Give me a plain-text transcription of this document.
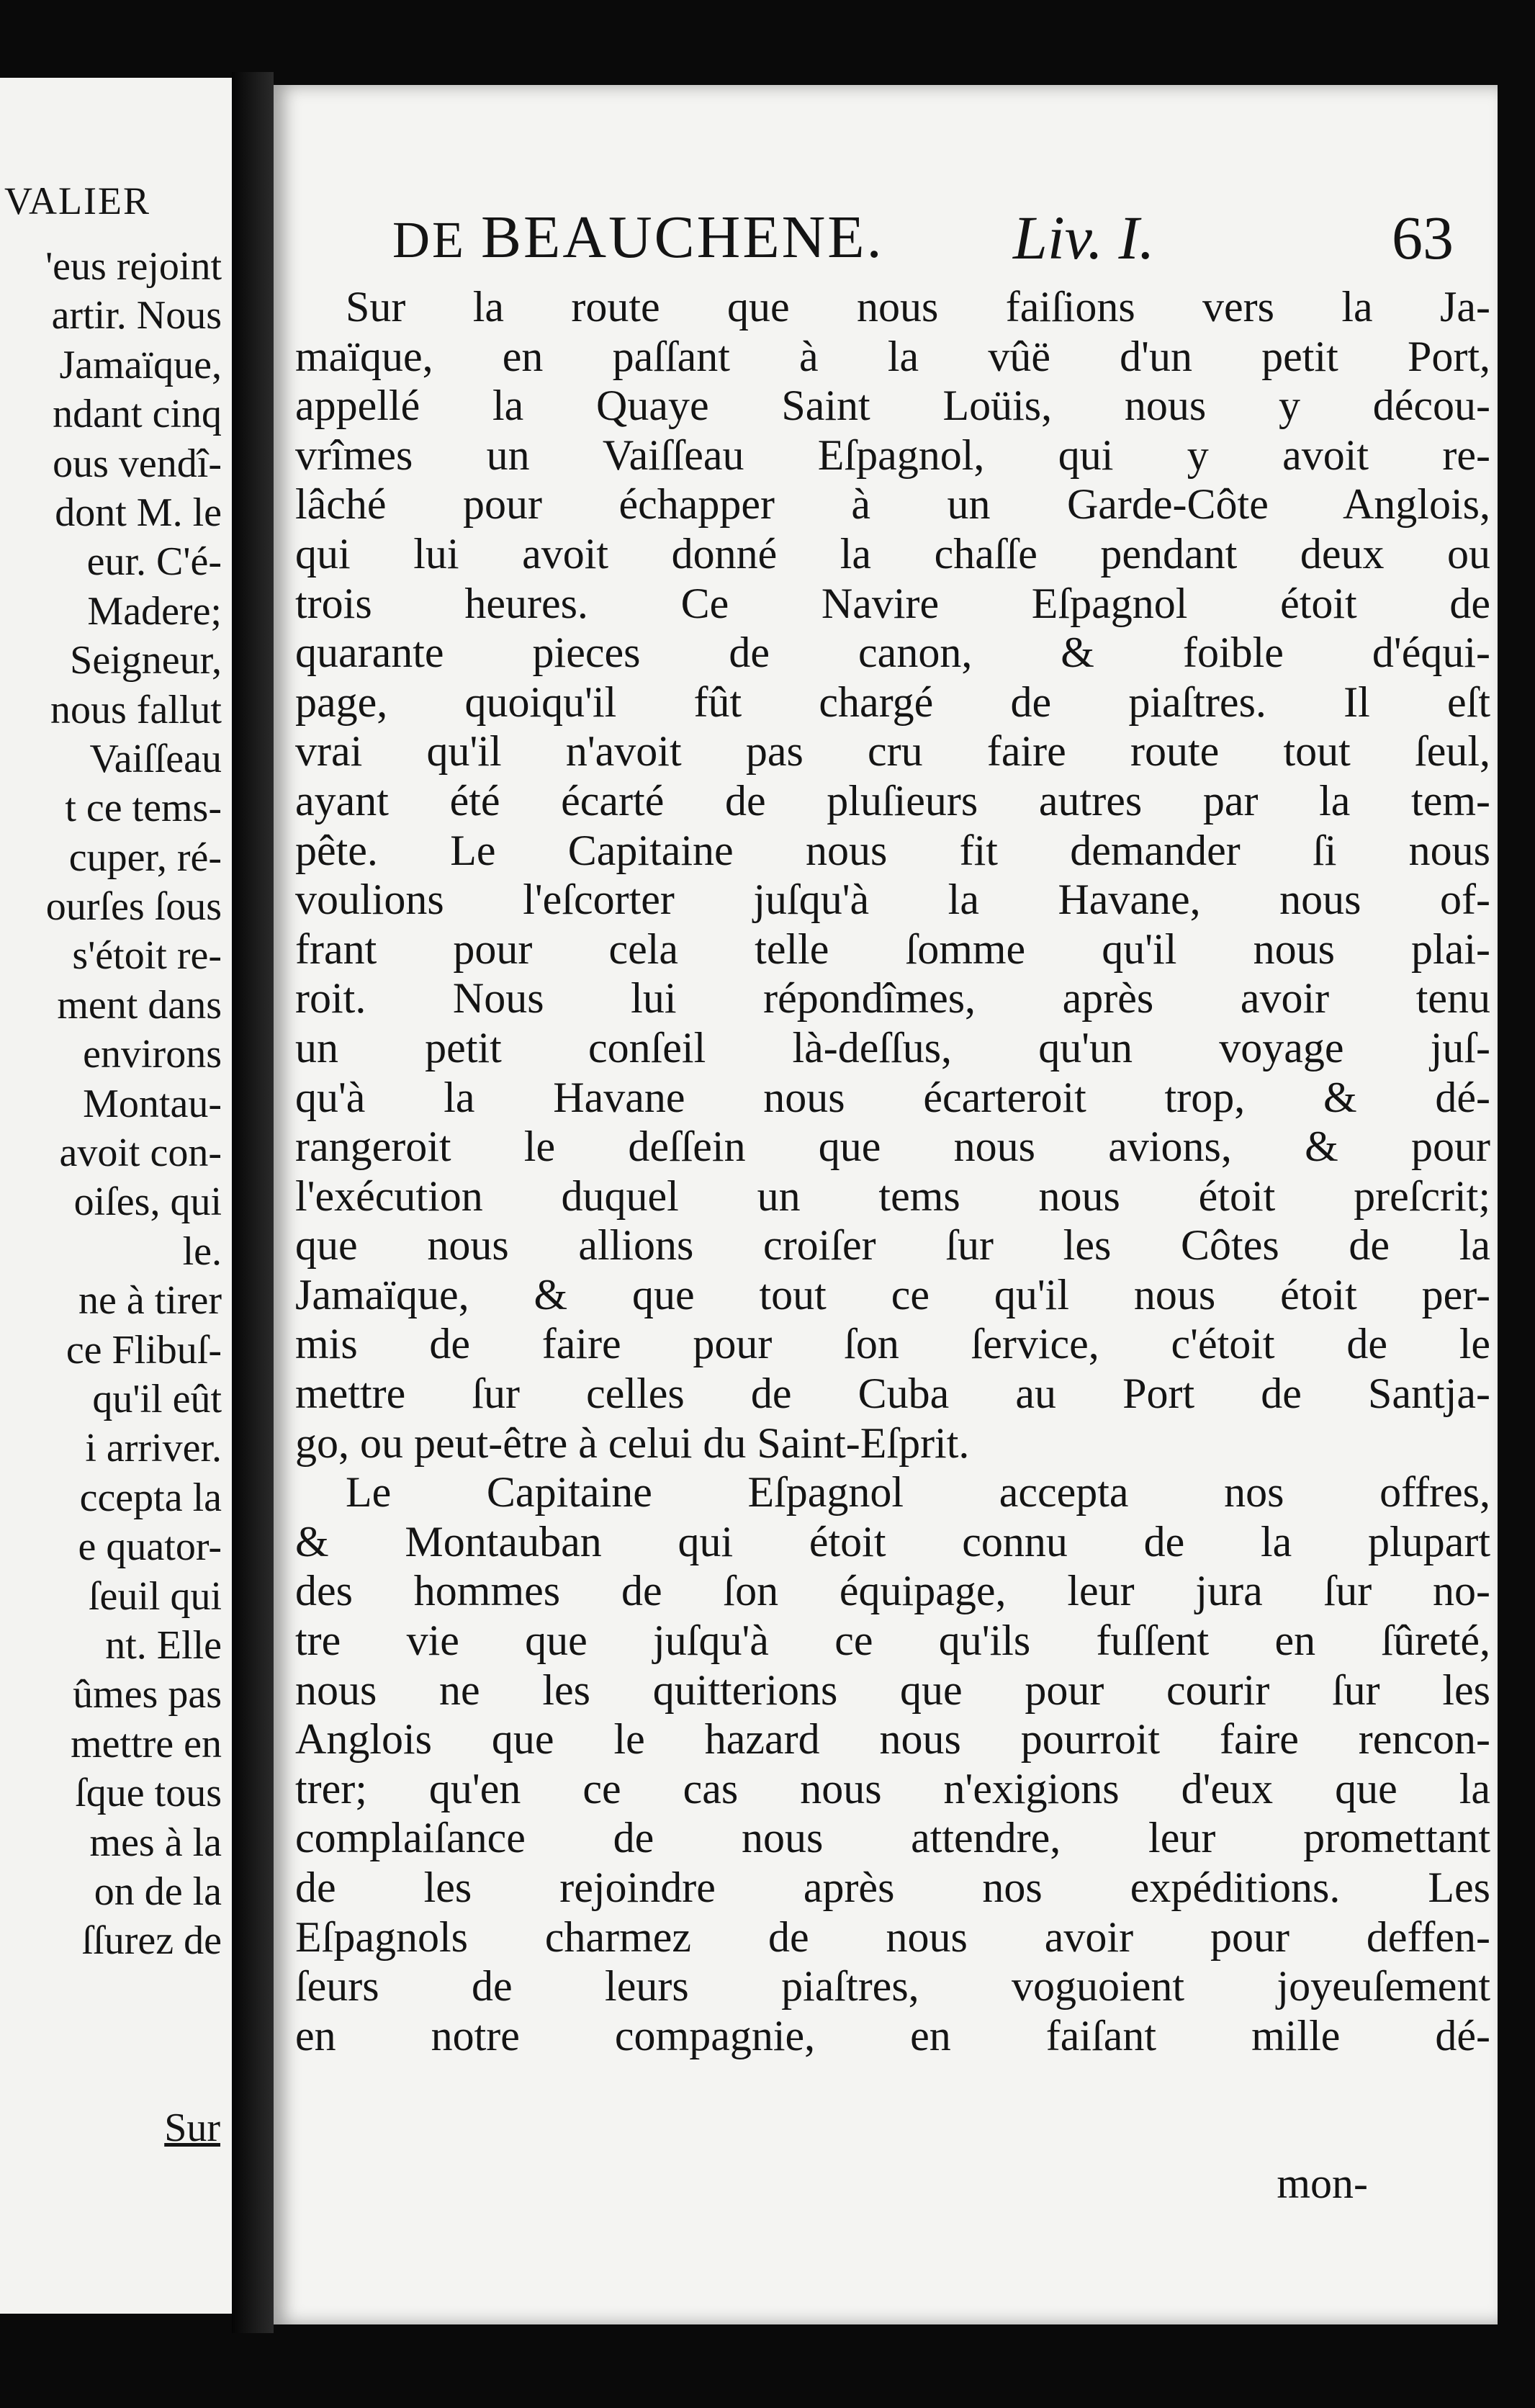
VALIER
'eus rejoint
artir. Nous
Jamaïque,
ndant cinq
ous vendî-
dont M. le
eur. C'é-
Madere;
Seigneur,
nous fallut
Vaiſſeau
t ce tems-
cuper, ré-
ourſes ſous
s'étoit re-
ment dans
environs
Montau-
avoit con-
oiſes, qui
le.
ne à tirer
ce Flibuſ-
qu'il eût
i arriver.
ccepta la
e quator-
ſeuil qui
nt. Elle
ûmes pas
mettre en
ſque tous
mes à la
on de la
ſſurez de
Sur
DE BEAUCHENE. Liv. I.	63
Sur la route que nous faiſions vers la Ja-
maïque, en paſſant à la vûë d'un petit Port,
appellé la Quaye Saint Loüis, nous y décou-
vrîmes un Vaiſſeau Eſpagnol, qui y avoit re-
lâché pour échapper à un Garde-Côte Anglois,
qui lui avoit donné la chaſſe pendant deux ou
trois heures. Ce Navire Eſpagnol étoit de
quarante pieces de canon, & foible d'équi-
page, quoiqu'il fût chargé de piaſtres. Il eſt
vrai qu'il n'avoit pas cru faire route tout ſeul,
ayant été écarté de pluſieurs autres par la tem-
pête. Le Capitaine nous fit demander ſi nous
voulions l'eſcorter juſqu'à la Havane, nous of-
frant pour cela telle ſomme qu'il nous plai-
roit. Nous lui répondîmes, après avoir tenu
un petit conſeil là-deſſus, qu'un voyage juſ-
qu'à la Havane nous écarteroit trop, & dé-
rangeroit le deſſein que nous avions, & pour
l'exécution duquel un tems nous étoit preſcrit;
que nous allions croiſer ſur les Côtes de la
Jamaïque, & que tout ce qu'il nous étoit per-
mis de faire pour ſon ſervice, c'étoit de le
mettre ſur celles de Cuba au Port de Santja-
go, ou peut-être à celui du Saint-Eſprit.
Le Capitaine Eſpagnol accepta nos offres,
& Montauban qui étoit connu de la plupart
des hommes de ſon équipage, leur jura ſur no-
tre vie que juſqu'à ce qu'ils fuſſent en ſûreté,
nous ne les quitterions que pour courir ſur les
Anglois que le hazard nous pourroit faire rencon-
trer; qu'en ce cas nous n'exigions d'eux que la
complaiſance de nous attendre, leur promettant
de les rejoindre après nos expéditions. Les
Eſpagnols charmez de nous avoir pour deffen-
ſeurs de leurs piaſtres, voguoient joyeuſement
en notre compagnie, en faiſant mille dé-
mon-
